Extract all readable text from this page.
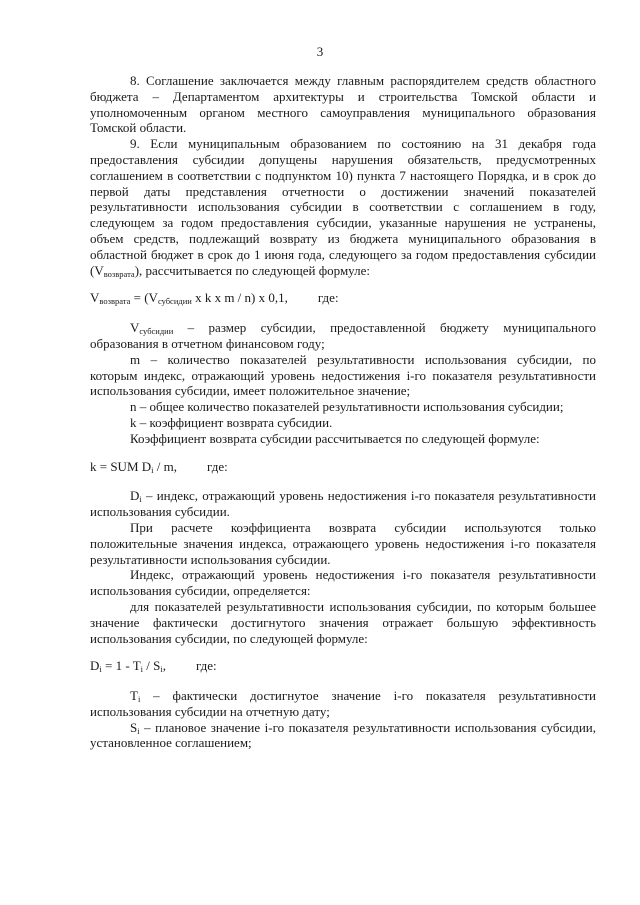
3

8. Соглашение заключается между главным распорядителем средств областного бюджета – Департаментом архитектуры и строительства Томской области и уполномоченным органом местного самоуправления муниципального образования Томской области.

9. Если муниципальным образованием по состоянию на 31 декабря года предоставления субсидии допущены нарушения обязательств, предусмотренных соглашением в соответствии с подпунктом 10) пункта 7 настоящего Порядка, и в срок до первой даты представления отчетности о достижении значений показателей результативности использования субсидии в соответствии с соглашением в году, следующем за годом предоставления субсидии, указанные нарушения не устранены, объем средств, подлежащий возврату из бюджета муниципального образования в областной бюджет в срок до 1 июня года, следующего за годом предоставления субсидии $(V_{возврата})$, рассчитывается по следующей формуле:

$V_{возврата} = (V_{субсидии}$ x k x m / n) x 0,1, где:

$V_{субсидии}$ – размер субсидии, предоставленной бюджету муниципального образования в отчетном финансовом году;

m – количество показателей результативности использования субсидии, по которым индекс, отражающий уровень недостижения i-го показателя результативности использования субсидии, имеет положительное значение;

n – общее количество показателей результативности использования субсидии;

k – коэффициент возврата субсидии.

Коэффициент возврата субсидии рассчитывается по следующей формуле:

k = SUM $D_i$ / m, где:

$D_i$ – индекс, отражающий уровень недостижения i-го показателя результативности использования субсидии.

При расчете коэффициента возврата субсидии используются только положительные значения индекса, отражающего уровень недостижения i-го показателя результативности использования субсидии.

Индекс, отражающий уровень недостижения i-го показателя результативности использования субсидии, определяется:

для показателей результативности использования субсидии, по которым большее значение фактически достигнутого значения отражает большую эффективность использования субсидии, по следующей формуле:

$D_i = 1 - T_i / S_i$, где:

$T_i$ – фактически достигнутое значение i-го показателя результативности использования субсидии на отчетную дату;

$S_i$ – плановое значение i-го показателя результативности использования субсидии, установленное соглашением;
